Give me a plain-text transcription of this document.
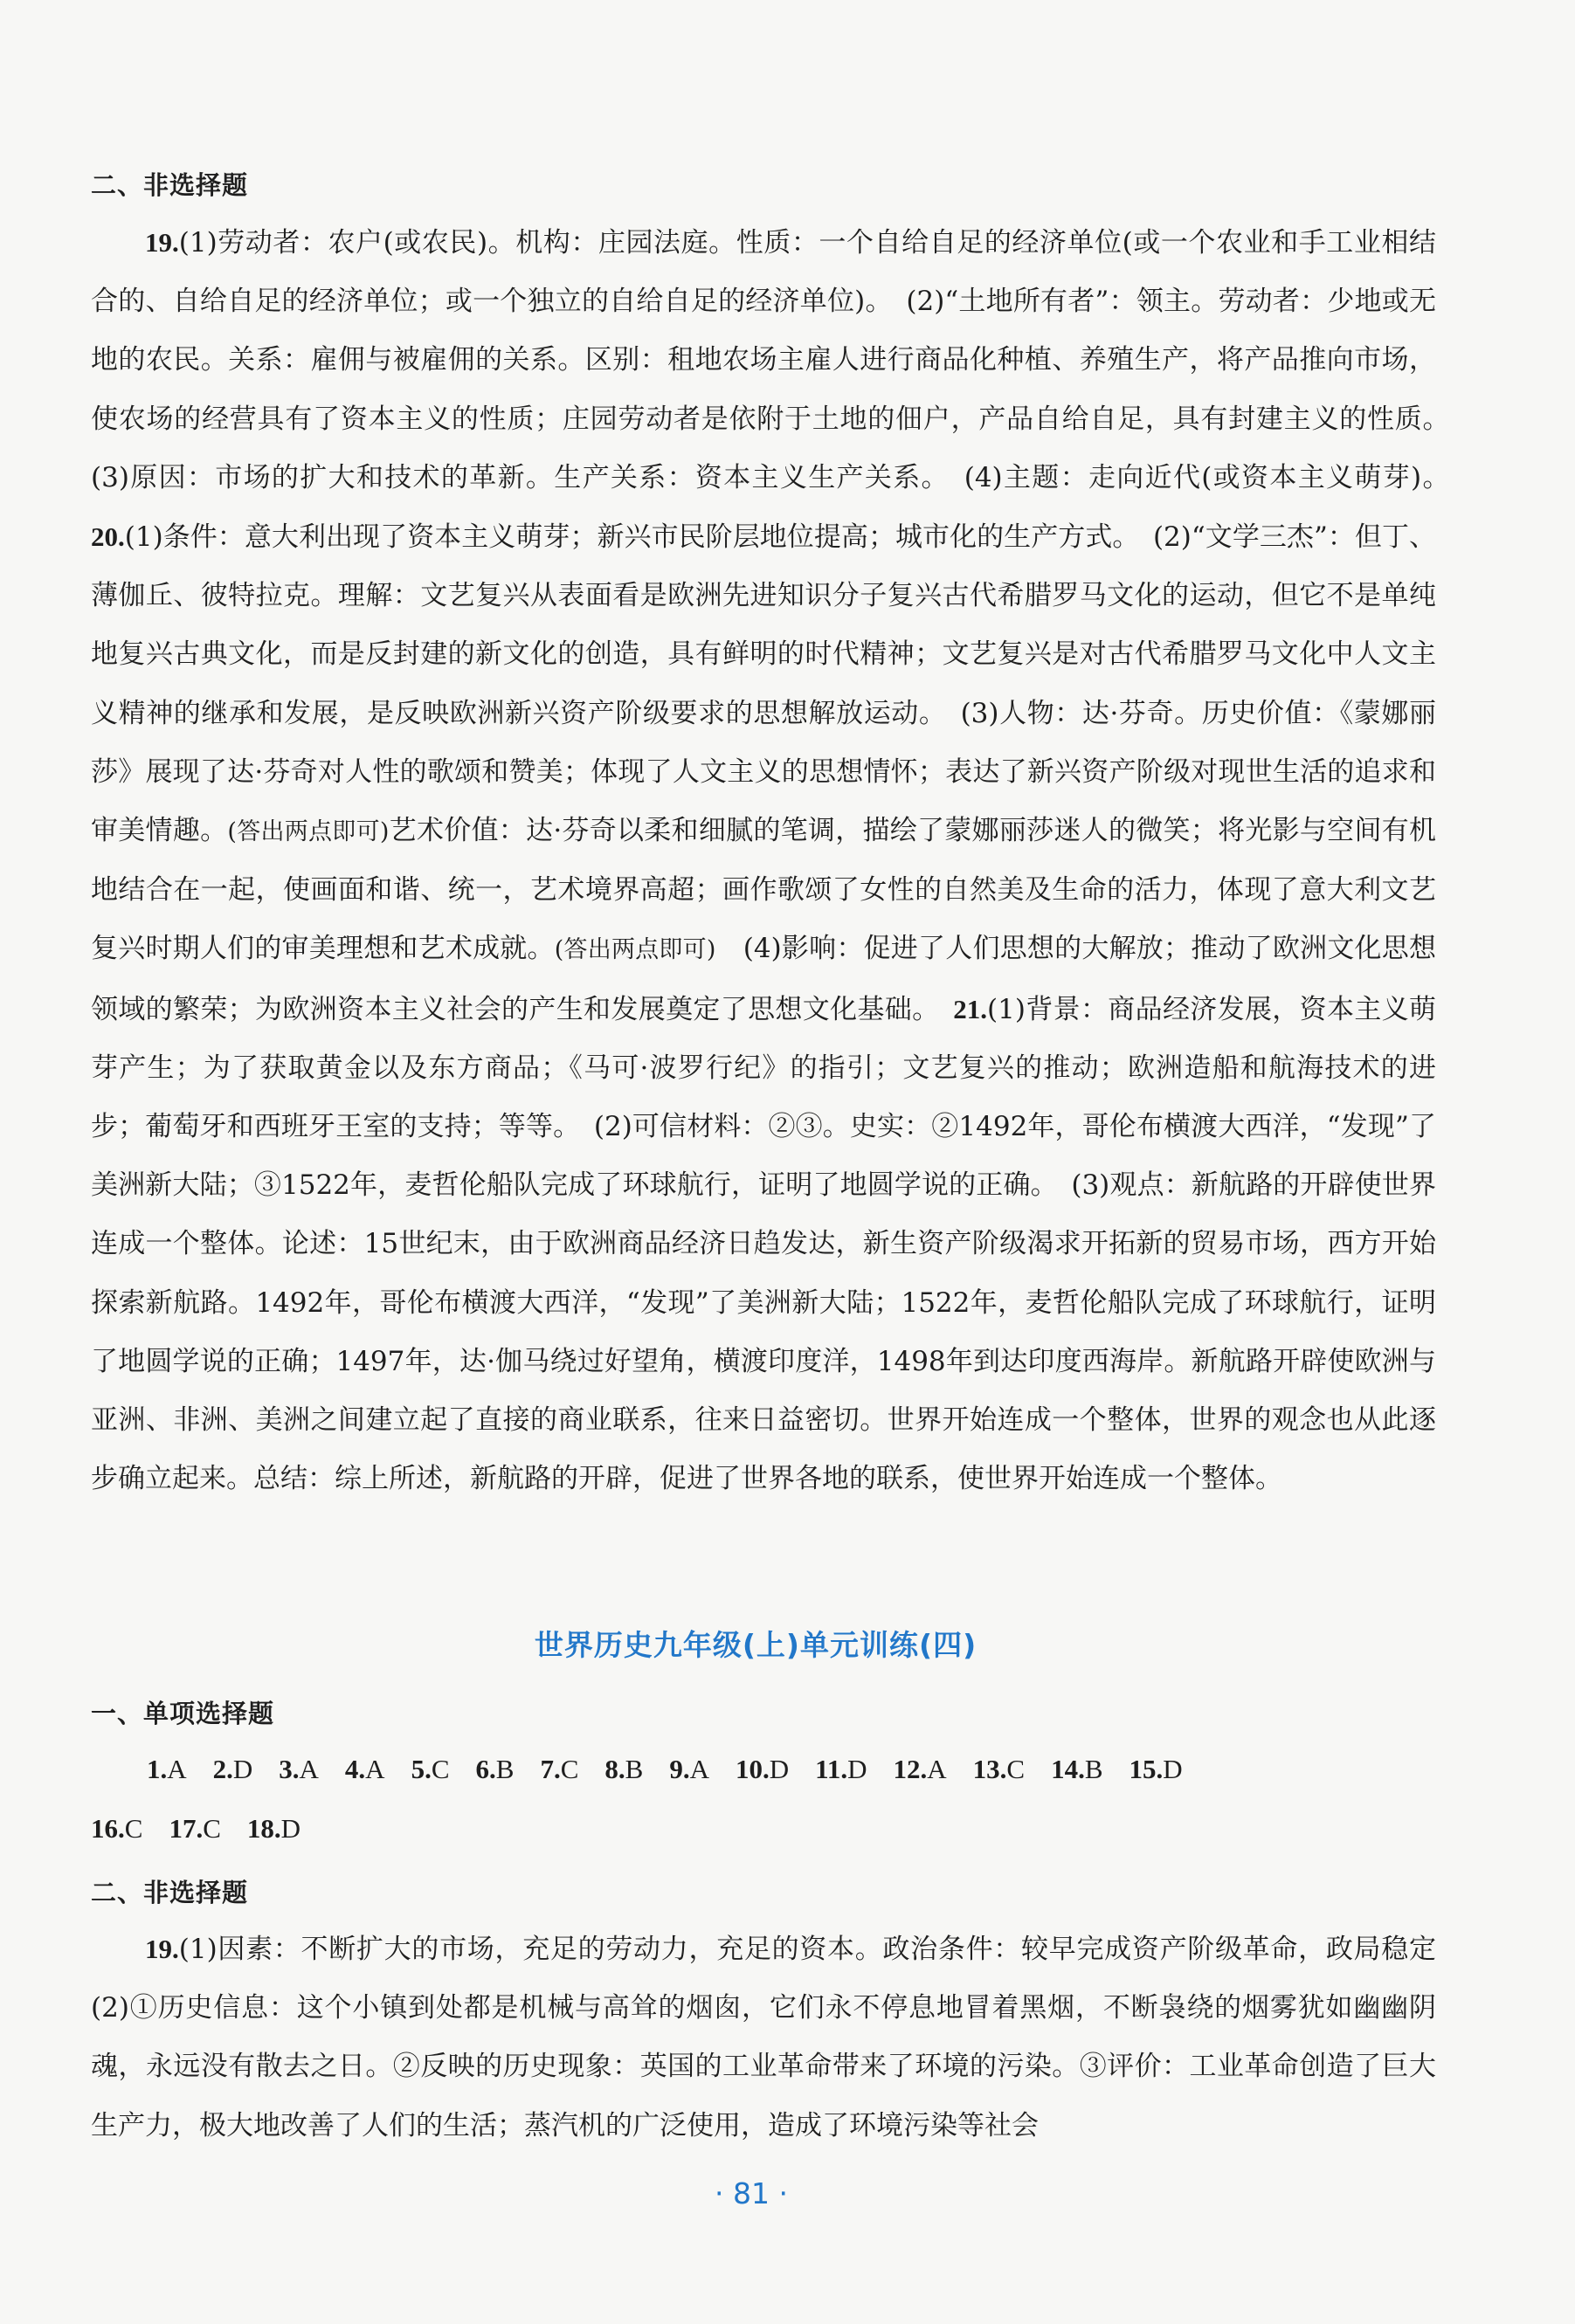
二、非选择题
19.(1)劳动者：农户(或农民)。机构：庄园法庭。性质：一个自给自足的经济单位(或一个农业和手工业相结合的、自给自足的经济单位；或一个独立的自给自足的经济单位)。　(2)“土地所有者”：领主。劳动者：少地或无地的农民。关系：雇佣与被雇佣的关系。区别：租地农场主雇人进行商品化种植、养殖生产，将产品推向市场，使农场的经营具有了资本主义的性质；庄园劳动者是依附于土地的佃户，产品自给自足，具有封建主义的性质。　(3)原因：市场的扩大和技术的革新。生产关系：资本主义生产关系。　(4)主题：走向近代(或资本主义萌芽)。　20.(1)条件：意大利出现了资本主义萌芽；新兴市民阶层地位提高；城市化的生产方式。　(2)“文学三杰”：但丁、薄伽丘、彼特拉克。理解：文艺复兴从表面看是欧洲先进知识分子复兴古代希腊罗马文化的运动，但它不是单纯地复兴古典文化，而是反封建的新文化的创造，具有鲜明的时代精神；文艺复兴是对古代希腊罗马文化中人文主义精神的继承和发展，是反映欧洲新兴资产阶级要求的思想解放运动。　(3)人物：达·芬奇。历史价值：《蒙娜丽莎》展现了达·芬奇对人性的歌颂和赞美；体现了人文主义的思想情怀；表达了新兴资产阶级对现世生活的追求和审美情趣。(答出两点即可)艺术价值：达·芬奇以柔和细腻的笔调，描绘了蒙娜丽莎迷人的微笑；将光影与空间有机地结合在一起，使画面和谐、统一，艺术境界高超；画作歌颂了女性的自然美及生命的活力，体现了意大利文艺复兴时期人们的审美理想和艺术成就。(答出两点即可)　(4)影响：促进了人们思想的大解放；推动了欧洲文化思想领域的繁荣；为欧洲资本主义社会的产生和发展奠定了思想文化基础。　21.(1)背景：商品经济发展，资本主义萌芽产生；为了获取黄金以及东方商品；《马可·波罗行纪》的指引；文艺复兴的推动；欧洲造船和航海技术的进步；葡萄牙和西班牙王室的支持；等等。　(2)可信材料：②③。史实：②1492年，哥伦布横渡大西洋，“发现”了美洲新大陆；③1522年，麦哲伦船队完成了环球航行，证明了地圆学说的正确。　(3)观点：新航路的开辟使世界连成一个整体。论述：15世纪末，由于欧洲商品经济日趋发达，新生资产阶级渴求开拓新的贸易市场，西方开始探索新航路。1492年，哥伦布横渡大西洋，“发现”了美洲新大陆；1522年，麦哲伦船队完成了环球航行，证明了地圆学说的正确；1497年，达·伽马绕过好望角，横渡印度洋，1498年到达印度西海岸。新航路开辟使欧洲与亚洲、非洲、美洲之间建立起了直接的商业联系，往来日益密切。世界开始连成一个整体，世界的观念也从此逐步确立起来。总结：综上所述，新航路的开辟，促进了世界各地的联系，使世界开始连成一个整体。
世界历史九年级(上)单元训练(四)
一、单项选择题
1.A 2.D 3.A 4.A 5.C 6.B 7.C 8.B 9.A 10.D 11.D 12.A 13.C 14.B 15.D
16.C 17.C 18.D
二、非选择题
19.(1)因素：不断扩大的市场，充足的劳动力，充足的资本。政治条件：较早完成资产阶级革命，政局稳定　(2)①历史信息：这个小镇到处都是机械与高耸的烟囱，它们永不停息地冒着黑烟，不断袅绕的烟雾犹如幽幽阴魂，永远没有散去之日。②反映的历史现象：英国的工业革命带来了环境的污染。③评价：工业革命创造了巨大生产力，极大地改善了人们的生活；蒸汽机的广泛使用，造成了环境污染等社会
· 81 ·
